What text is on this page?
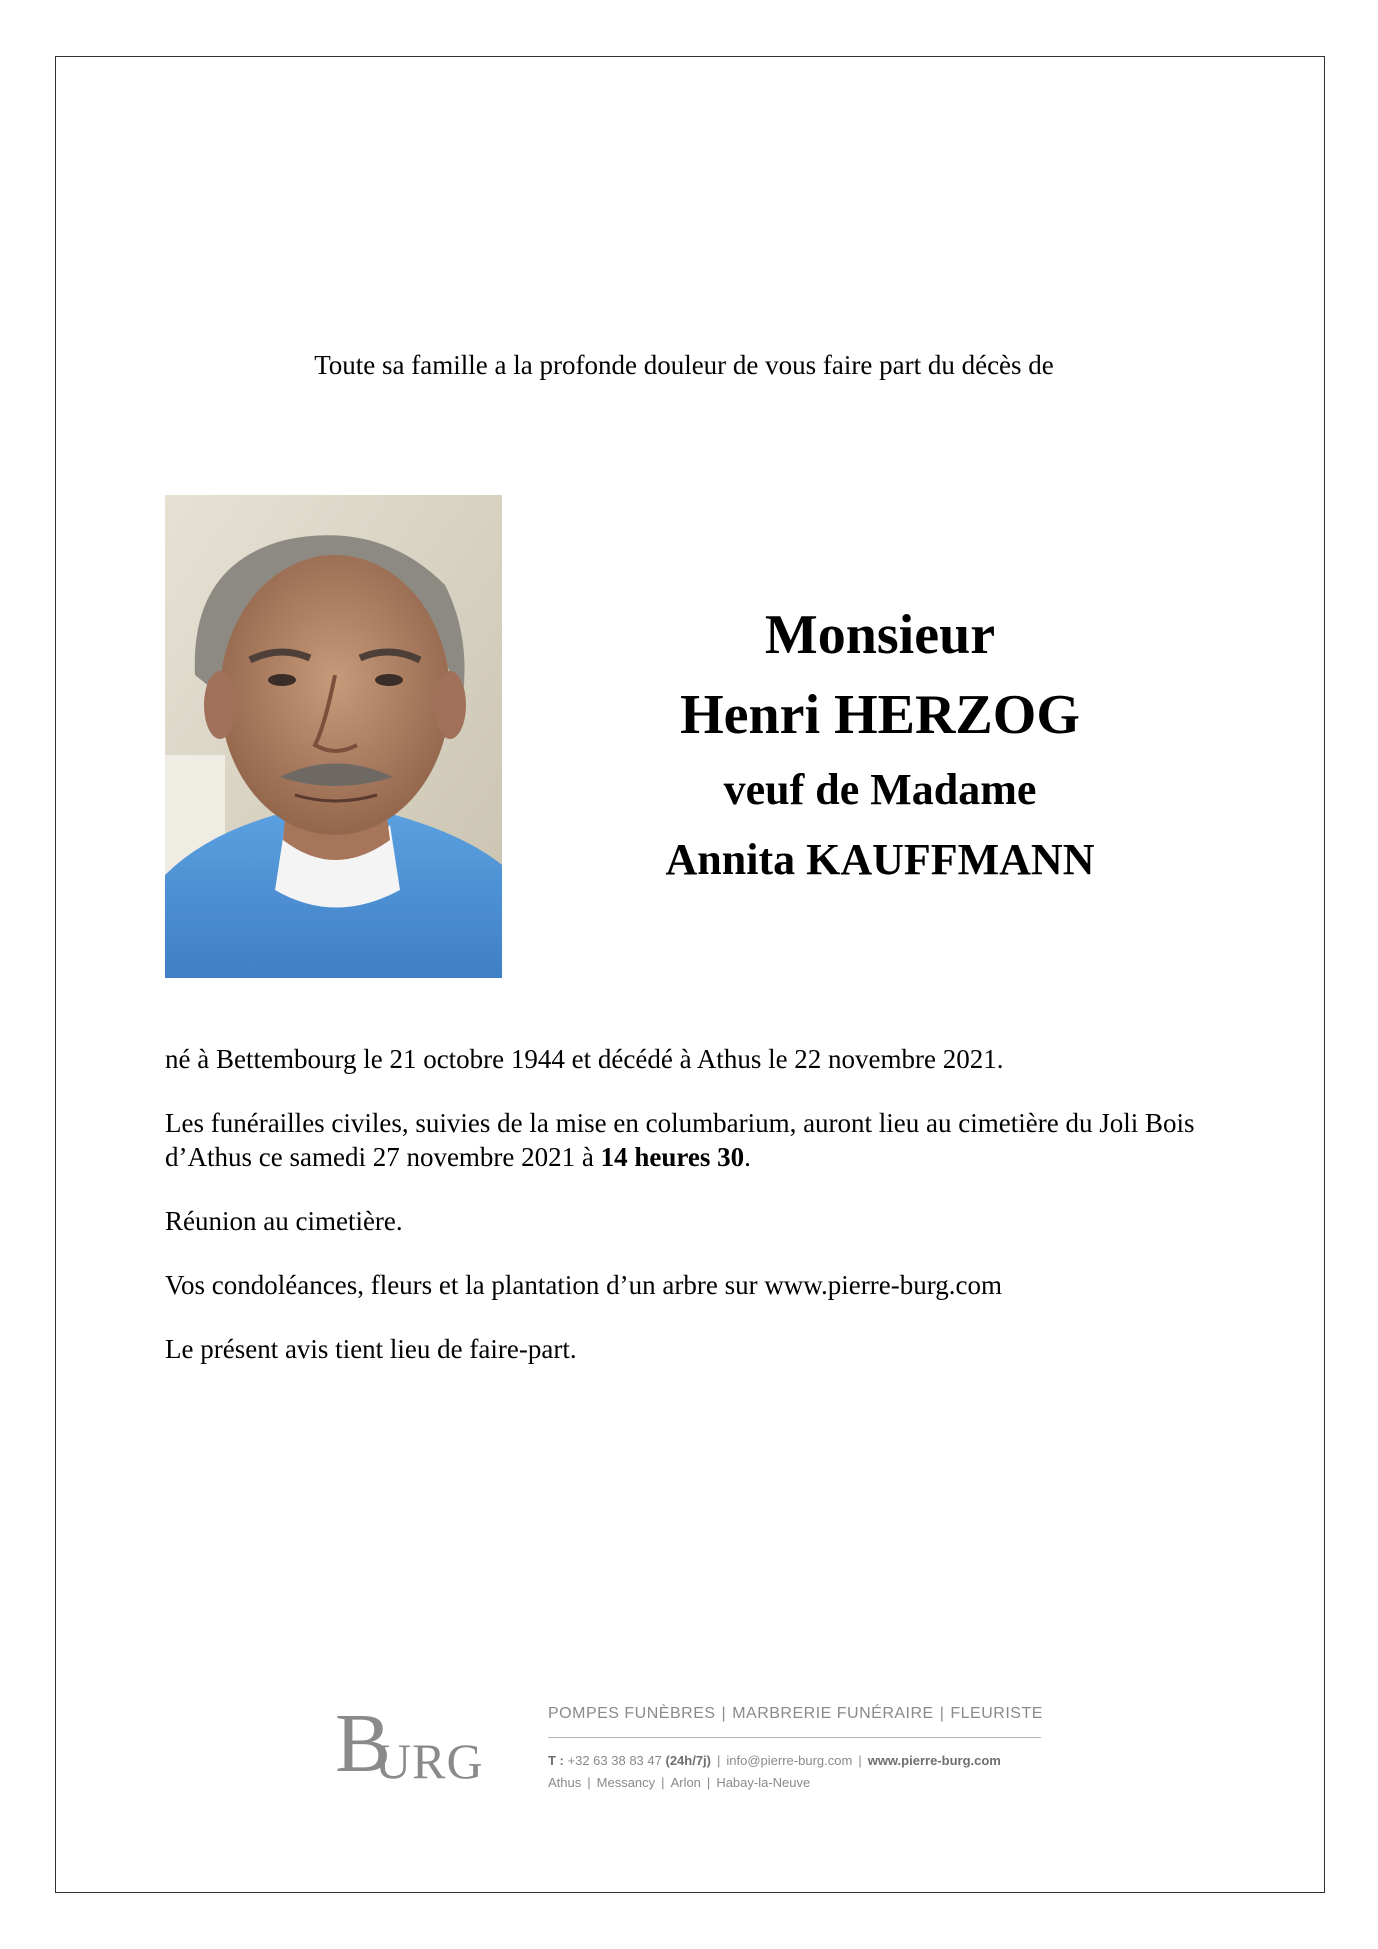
Toute sa famille a la profonde douleur de vous faire part du décès de
Monsieur
Henri HERZOG
veuf de Madame
Annita KAUFFMANN

né à Bettembourg le 21 octobre 1944 et décédé à Athus le 22 novembre 2021.

Les funérailles civiles, suivies de la mise en columbarium, auront lieu au cimetière du Joli Bois d’Athus ce samedi 27 novembre 2021 à 14 heures 30.

Réunion au cimetière.

Vos condoléances, fleurs et la plantation d’un arbre sur www.pierre-burg.com

Le présent avis tient lieu de faire-part.

B
URG
POMPES FUNÈBRES | MARBRERIE FUNÉRAIRE | FLEURISTE
T : +32 63 38 83 47 (24h/7j) | info@pierre-burg.com | www.pierre-burg.com
Athus | Messancy | Arlon | Habay-la-Neuve
